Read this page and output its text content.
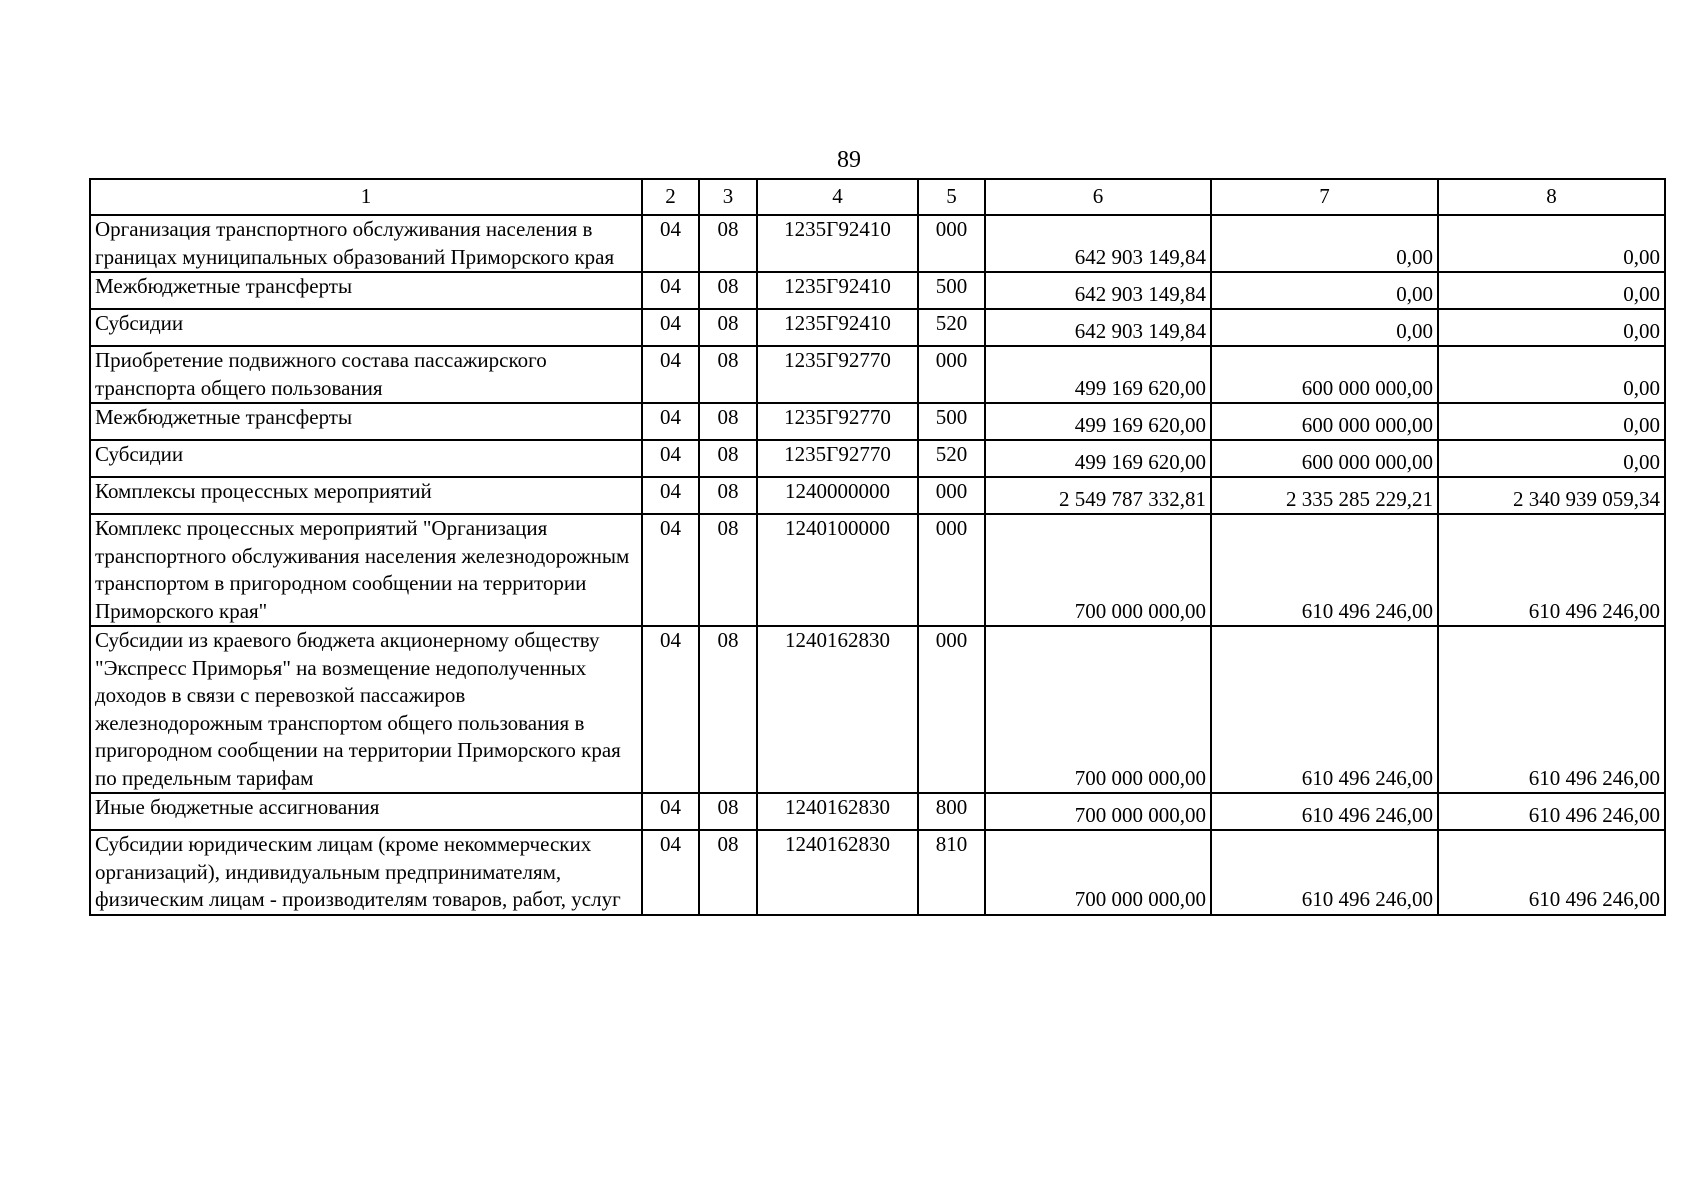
89
1	2	3	4	5	6	7	8
Организация транспортного обслуживания населения в границах муниципальных образований Приморского края	04	08	1235Г92410	000	642 903 149,84	0,00	0,00
Межбюджетные трансферты	04	08	1235Г92410	500	642 903 149,84	0,00	0,00
Субсидии	04	08	1235Г92410	520	642 903 149,84	0,00	0,00
Приобретение подвижного состава пассажирского транспорта общего пользования	04	08	1235Г92770	000	499 169 620,00	600 000 000,00	0,00
Межбюджетные трансферты	04	08	1235Г92770	500	499 169 620,00	600 000 000,00	0,00
Субсидии	04	08	1235Г92770	520	499 169 620,00	600 000 000,00	0,00
Комплексы процессных мероприятий	04	08	1240000000	000	2 549 787 332,81	2 335 285 229,21	2 340 939 059,34
Комплекс процессных мероприятий "Организация транспортного обслуживания населения железнодорожным транспортом в пригородном сообщении на территории Приморского края"	04	08	1240100000	000	700 000 000,00	610 496 246,00	610 496 246,00
Субсидии из краевого бюджета акционерному обществу "Экспресс Приморья" на возмещение недополученных доходов в связи с перевозкой пассажиров железнодорожным транспортом общего пользования в пригородном сообщении на территории Приморского края по предельным тарифам	04	08	1240162830	000	700 000 000,00	610 496 246,00	610 496 246,00
Иные бюджетные ассигнования	04	08	1240162830	800	700 000 000,00	610 496 246,00	610 496 246,00
Субсидии юридическим лицам (кроме некоммерческих организаций), индивидуальным предпринимателям, физическим лицам - производителям товаров, работ, услуг	04	08	1240162830	810	700 000 000,00	610 496 246,00	610 496 246,00
